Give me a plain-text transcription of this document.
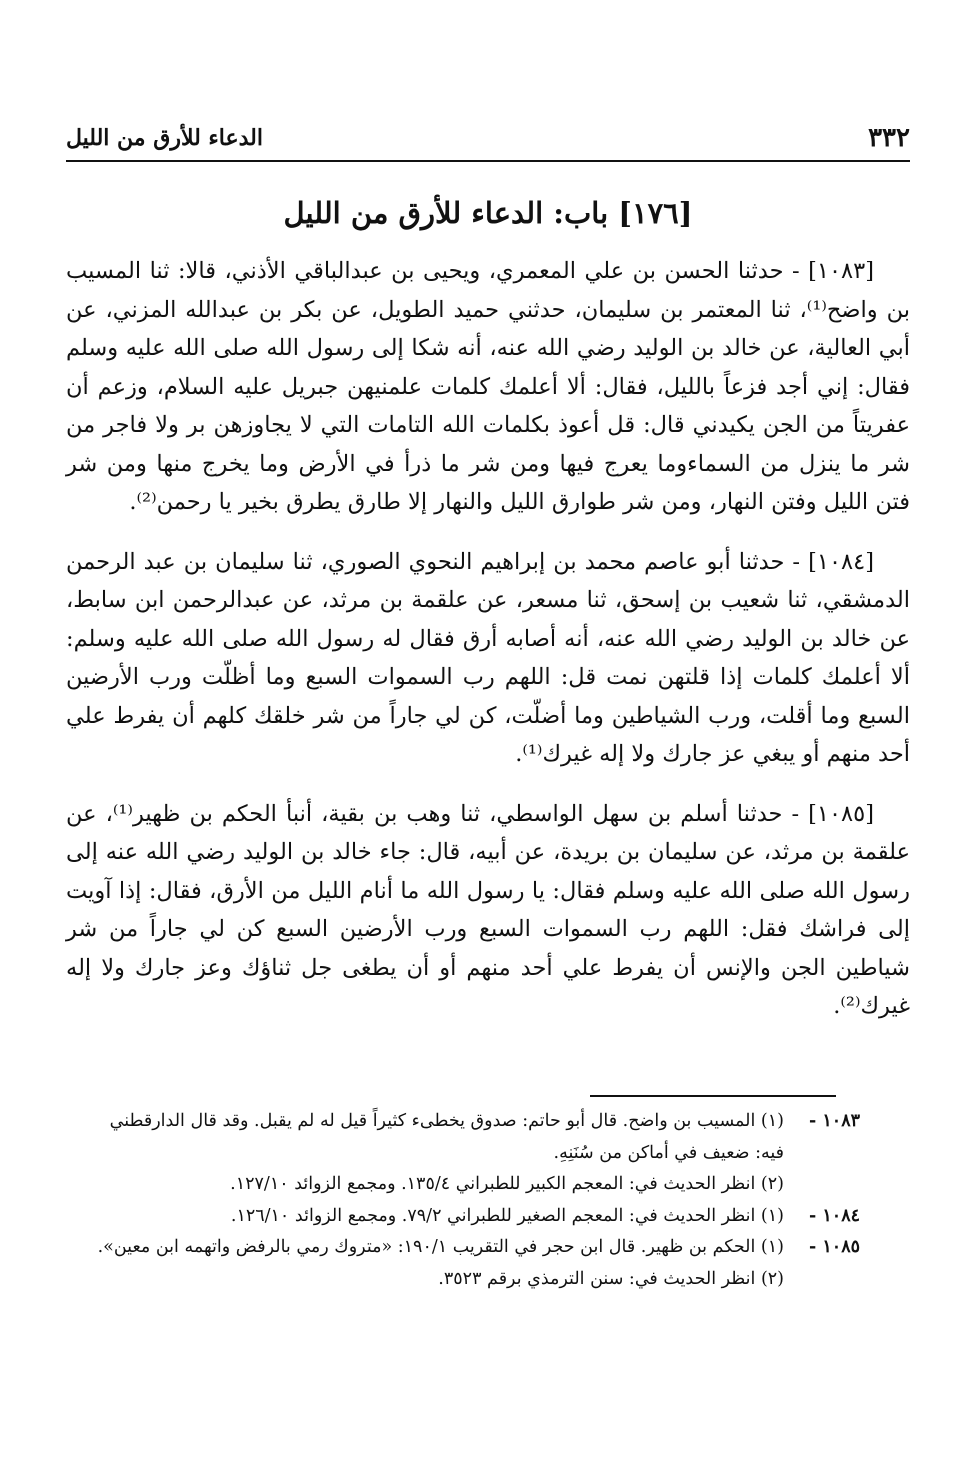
٣٣٢
الدعاء للأرق من الليل
[١٧٦] باب: الدعاء للأرق من الليل

[١٠٨٣] - حدثنا الحسن بن علي المعمري، ويحيى بن عبدالباقي الأذني، قالا: ثنا المسيب بن واضح⁽¹⁾، ثنا المعتمر بن سليمان، حدثني حميد الطويل، عن بكر بن عبدالله المزني، عن أبي العالية، عن خالد بن الوليد رضي الله عنه، أنه شكا إلى رسول الله صلى الله عليه وسلم فقال: إني أجد فزعاً بالليل، فقال: ألا أعلمك كلمات علمنيهن جبريل عليه السلام، وزعم أن عفريتاً من الجن يكيدني قال: قل أعوذ بكلمات الله التامات التي لا يجاوزهن بر ولا فاجر من شر ما ينزل من السماءوما يعرج فيها ومن شر ما ذرأ في الأرض وما يخرج منها ومن شر فتن الليل وفتن النهار، ومن شر طوارق الليل والنهار إلا طارق يطرق بخير يا رحمن⁽²⁾.

[١٠٨٤] - حدثنا أبو عاصم محمد بن إبراهيم النحوي الصوري، ثنا سليمان بن عبد الرحمن الدمشقي، ثنا شعيب بن إسحق، ثنا مسعر، عن علقمة بن مرثد، عن عبدالرحمن ابن سابط، عن خالد بن الوليد رضي الله عنه، أنه أصابه أرق فقال له رسول الله صلى الله عليه وسلم: ألا أعلمك كلمات إذا قلتهن نمت قل: اللهم رب السموات السبع وما أظلّت ورب الأرضين السبع وما أقلت، ورب الشياطين وما أضلّت، كن لي جاراً من شر خلقك كلهم أن يفرط علي أحد منهم أو يبغي عز جارك ولا إله غيرك⁽¹⁾.

[١٠٨٥] - حدثنا أسلم بن سهل الواسطي، ثنا وهب بن بقية، أنبأ الحكم بن ظهير⁽¹⁾، عن علقمة بن مرثد، عن سليمان بن بريدة، عن أبيه، قال: جاء خالد بن الوليد رضي الله عنه إلى رسول الله صلى الله عليه وسلم فقال: يا رسول الله ما أنام الليل من الأرق، فقال: إذا آويت إلى فراشك فقل: اللهم رب السموات السبع ورب الأرضين السبع كن لي جاراً من شر شياطين الجن والإنس أن يفرط علي أحد منهم أو أن يطغى جل ثناؤك وعز جارك ولا إله غيرك⁽²⁾.

١٠٨٣ -
(١) المسيب بن واضح. قال أبو حاتم: صدوق يخطىء كثيراً قيل له لم يقبل. وقد قال الدارقطني
فيه: ضعيف في أماكن من سُنَنِهِ.
(٢) انظر الحديث في: المعجم الكبير للطبراني ١٣٥/٤. ومجمع الزوائد ١٢٧/١٠.
١٠٨٤ -
(١) انظر الحديث في: المعجم الصغير للطبراني ٧٩/٢. ومجمع الزوائد ١٢٦/١٠.
١٠٨٥ -
(١) الحكم بن ظهير. قال ابن حجر في التقريب ١٩٠/١: «متروك رمي بالرفض واتهمه ابن معين».
(٢) انظر الحديث في: سنن الترمذي برقم ٣٥٢٣.
